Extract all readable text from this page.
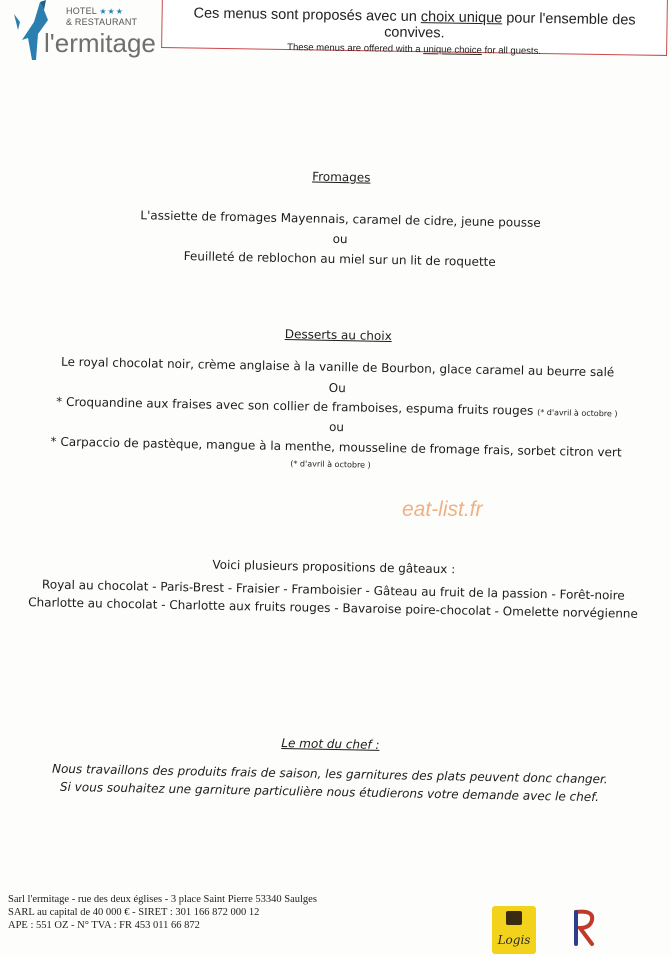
HOTEL ★★★
& RESTAURANT
l'ermitage
Ces menus sont proposés avec un choix unique pour l'ensemble des convives.
These menus are offered with a unique choice for all guests.
Fromages
L'assiette de fromages Mayennais, caramel de cidre, jeune pousse
ou
Feuilleté de reblochon au miel sur un lit de roquette
Desserts au choix
Le royal chocolat noir, crème anglaise à la vanille de Bourbon, glace caramel au beurre salé
Ou
* Croquandine aux fraises avec son collier de framboises, espuma fruits rouges (* d'avril à octobre )
ou
* Carpaccio de pastèque, mangue à la menthe, mousseline de fromage frais, sorbet citron vert
(* d'avril à octobre )
Voici plusieurs propositions de gâteaux :
Royal au chocolat - Paris-Brest - Fraisier - Framboisier - Gâteau au fruit de la passion - Forêt-noire
Charlotte au chocolat - Charlotte aux fruits rouges - Bavaroise poire-chocolat - Omelette norvégienne
Le mot du chef :
Nous travaillons des produits frais de saison, les garnitures des plats peuvent donc changer.
Si vous souhaitez une garniture particulière nous étudierons votre demande avec le chef.
eat-list.fr
Sarl l'ermitage - rue des deux églises - 3 place Saint Pierre 53340 Saulges
SARL au capital de 40 000 € - SIRET : 301 166 872 000 12
APE : 551 OZ - N° TVA : FR 453 011 66 872
Logis
